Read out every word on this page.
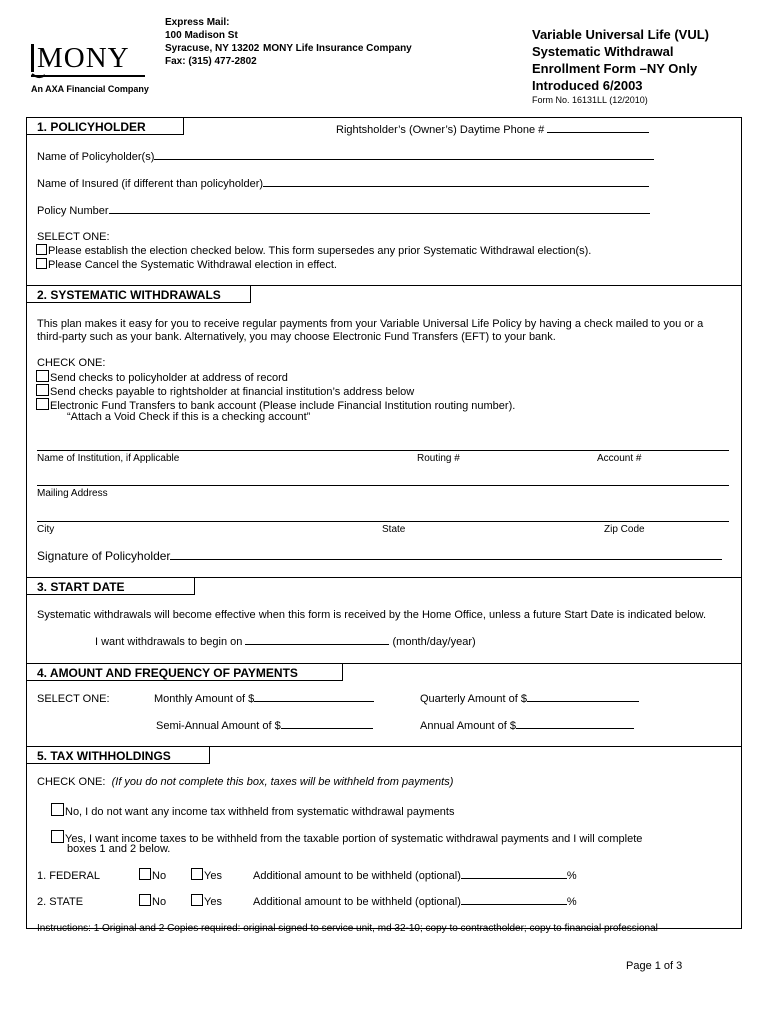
Express Mail:
100 Madison St
Syracuse, NY 13202
Fax: (315) 477-2802
MONY Life Insurance Company
MONY
An AXA Financial Company
Variable Universal Life (VUL)
Systematic Withdrawal
Enrollment Form –NY Only
Introduced 6/2003
Form No. 16131LL (12/2010)
1. POLICYHOLDER	Rightsholder’s (Owner’s) Daytime Phone #
Name of Policyholder(s)
Name of Insured (if different than policyholder)
Policy Number
SELECT ONE:
Please establish the election checked below. This form supersedes any prior Systematic Withdrawal election(s).
Please Cancel the Systematic Withdrawal election in effect.
2. SYSTEMATIC WITHDRAWALS
This plan makes it easy for you to receive regular payments from your Variable Universal Life Policy by having a check mailed to you or a
third-party such as your bank. Alternatively, you may choose Electronic Fund Transfers (EFT) to your bank.
CHECK ONE:
Send checks to policyholder at address of record
Send checks payable to rightsholder at financial institution’s address below
Electronic Fund Transfers to bank account (Please include Financial Institution routing number).
“Attach a Void Check if this is a checking account”
Name of Institution, if Applicable	Routing #	Account #
Mailing Address
City	State	Zip Code
Signature of Policyholder
3. START DATE
Systematic withdrawals will become effective when this form is received by the Home Office, unless a future Start Date is indicated below.
I want withdrawals to begin on	(month/day/year)
4. AMOUNT AND FREQUENCY OF PAYMENTS
SELECT ONE:	Monthly Amount of $	Quarterly Amount of $
Semi-Annual Amount of $	Annual Amount of $
5. TAX WITHHOLDINGS
CHECK ONE: (If you do not complete this box, taxes will be withheld from payments)
No, I do not want any income tax withheld from systematic withdrawal payments
Yes, I want income taxes to be withheld from the taxable portion of systematic withdrawal payments and I will complete
boxes 1 and 2 below.
1. FEDERAL	No	Yes	Additional amount to be withheld (optional)	%
2. STATE	No	Yes	Additional amount to be withheld (optional)	%
Instructions: 1 Original and 2 Copies required: original signed to service unit, md 32-10; copy to contractholder; copy to financial professional
Page 1 of 3
